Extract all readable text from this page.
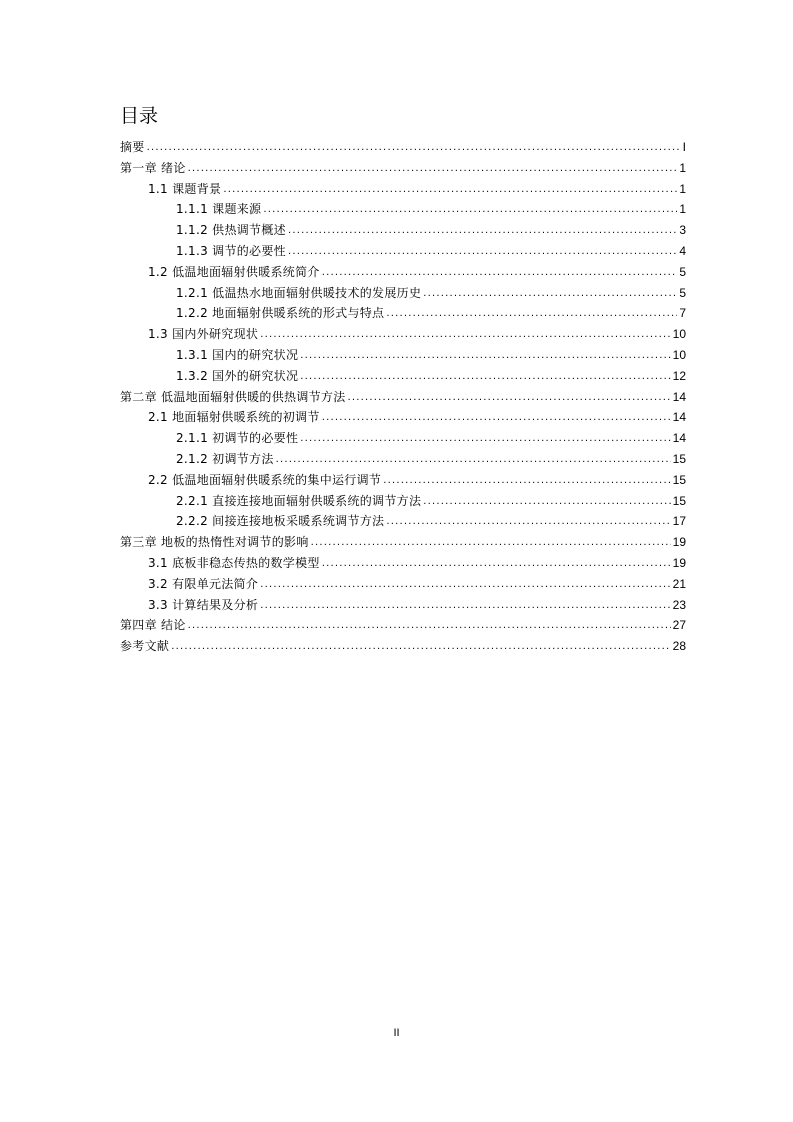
目录
摘要 .....	I
第一章 绪论 .....	1
1.1 课题背景 .....	1
1.1.1 课题来源 .....	1
1.1.2 供热调节概述 .....	3
1.1.3 调节的必要性 .....	4
1.2 低温地面辐射供暖系统简介 .....	5
1.2.1 低温热水地面辐射供暖技术的发展历史 .....	5
1.2.2 地面辐射供暖系统的形式与特点 .....	7
1.3 国内外研究现状 .....	10
1.3.1 国内的研究状况 .....	10
1.3.2 国外的研究状况 .....	12
第二章 低温地面辐射供暖的供热调节方法 .....	14
2.1 地面辐射供暖系统的初调节 .....	14
2.1.1 初调节的必要性 .....	14
2.1.2 初调节方法 .....	15
2.2 低温地面辐射供暖系统的集中运行调节 .....	15
2.2.1 直接连接地面辐射供暖系统的调节方法 .....	15
2.2.2 间接连接地板采暖系统调节方法 .....	17
第三章 地板的热惰性对调节的影响 .....	19
3.1 底板非稳态传热的数学模型 .....	19
3.2 有限单元法简介 .....	21
3.3 计算结果及分析 .....	23
第四章 结论 .....	27
参考文献 .....	28
II
